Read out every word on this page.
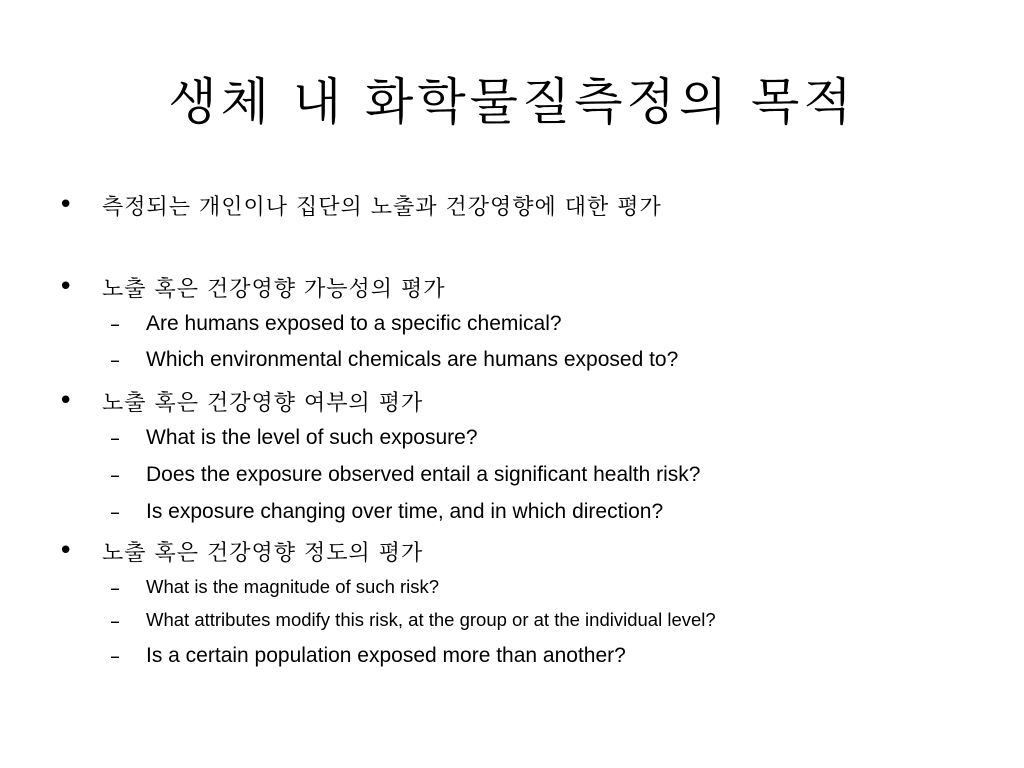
생체 내 화학물질측정의 목적
• 측정되는 개인이나 집단의 노출과 건강영향에 대한 평가
• 노출 혹은 건강영향 가능성의 평가
– Are humans exposed to a specific chemical?
– Which environmental chemicals are humans exposed to?
• 노출 혹은 건강영향 여부의 평가
– What is the level of such exposure?
– Does the exposure observed entail a significant health risk?
– Is exposure changing over time, and in which direction?
• 노출 혹은 건강영향 정도의 평가
– What is the magnitude of such risk?
– What attributes modify this risk, at the group or at the individual level?
– Is a certain population exposed more than another?
